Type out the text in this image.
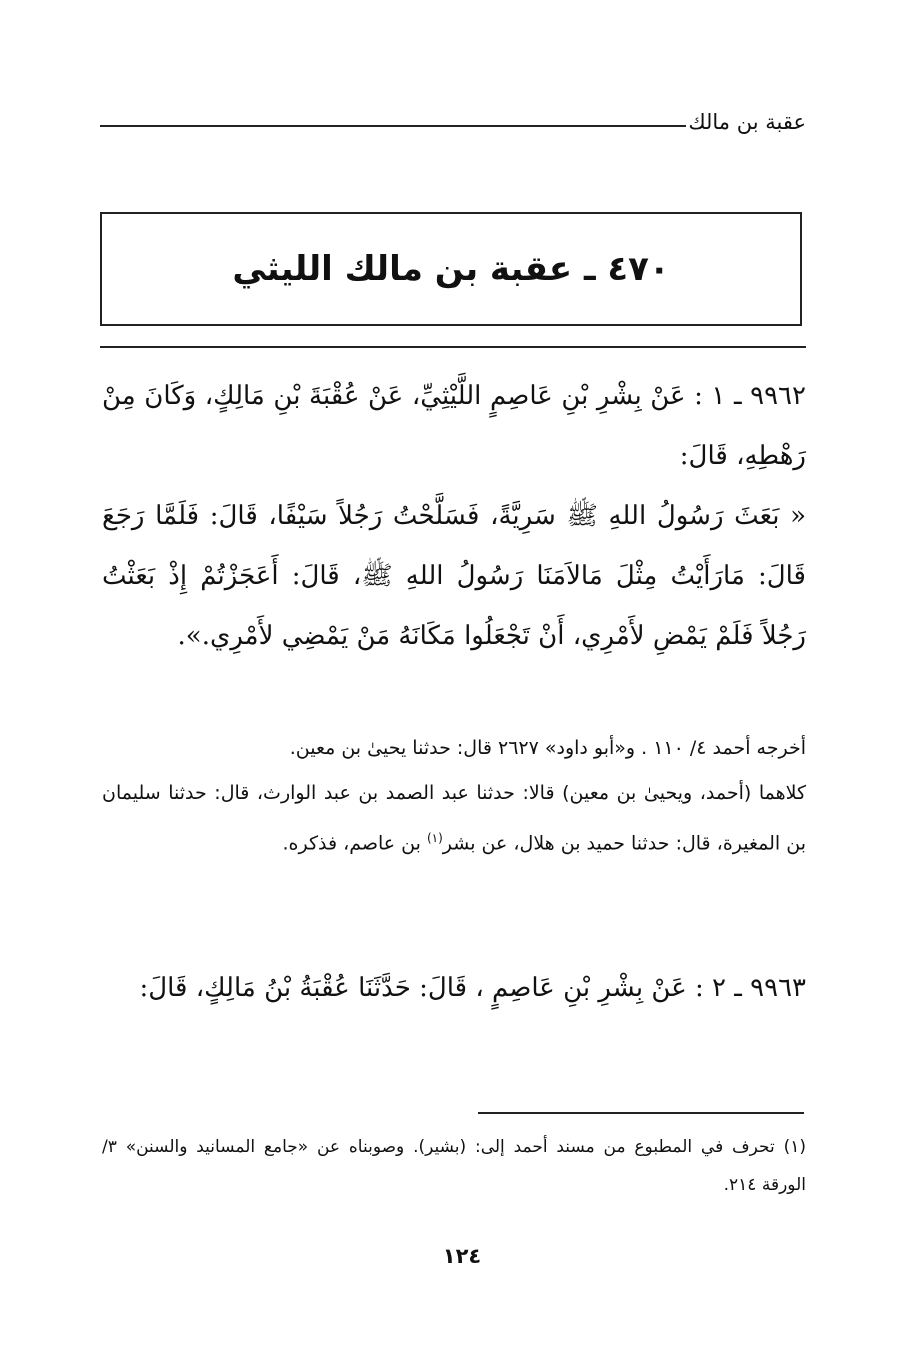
عقبة بن مالك
٤٧٠ ـ عقبة بن مالك الليثي

٩٩٦٢ ـ ١ : عَنْ بِشْرِ بْنِ عَاصِمٍ اللَّيْثِيِّ، عَنْ عُقْبَةَ بْنِ مَالِكٍ، وَكَانَ مِنْ رَهْطِهِ، قَالَ:

« بَعَثَ رَسُولُ اللهِ ﷺ سَرِيَّةً، فَسَلَّحْتُ رَجُلاً سَيْفًا، قَالَ: فَلَمَّا رَجَعَ قَالَ: مَارَأَيْتُ مِثْلَ مَالاَمَنَا رَسُولُ اللهِ ﷺ، قَالَ: أَعَجَزْتُمْ إِذْ بَعَثْتُ رَجُلاً فَلَمْ يَمْضِ لأَمْرِي، أَنْ تَجْعَلُوا مَكَانَهُ مَنْ يَمْضِي لأَمْرِي.».

أخرجه أحمد ٤/ ١١٠ . و«أبو داود» ٢٦٢٧ قال: حدثنا يحيىٰ بن معين.

كلاهما (أحمد، ويحيىٰ بن معين) قالا: حدثنا عبد الصمد بن عبد الوارث، قال: حدثنا سليمان بن المغيرة، قال: حدثنا حميد بن هلال، عن بشر$^{(١)}$ بن عاصم، فذكره.

٩٩٦٣ ـ ٢ : عَنْ بِشْرِ بْنِ عَاصِمٍ ، قَالَ: حَدَّثَنَا عُقْبَةُ بْنُ مَالِكٍ، قَالَ:

(١) تحرف في المطبوع من مسند أحمد إلى: (بشير). وصوبناه عن «جامع المسانيد والسنن» ٣/ الورقة ٢١٤.

١٢٤
